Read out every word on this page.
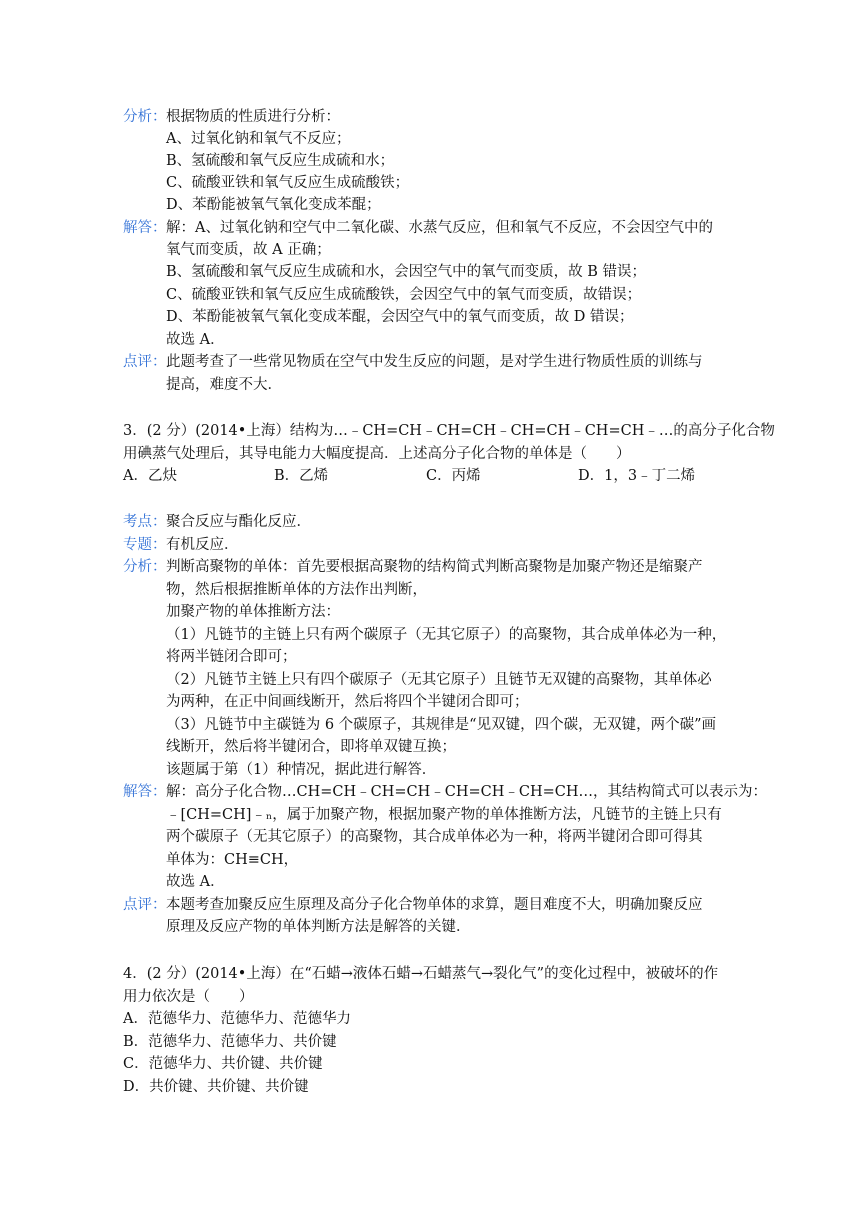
分析： 根据物质的性质进行分析：
A、过氧化钠和氧气不反应；
B、氢硫酸和氧气反应生成硫和水；
C、硫酸亚铁和氧气反应生成硫酸铁；
D、苯酚能被氧气氧化变成苯醌；
解答： 解：A、过氧化钠和空气中二氧化碳、水蒸气反应，但和氧气不反应，不会因空气中的
氧气而变质，故 A 正确；
B、氢硫酸和氧气反应生成硫和水，会因空气中的氧气而变质，故 B 错误；
C、硫酸亚铁和氧气反应生成硫酸铁，会因空气中的氧气而变质，故错误；
D、苯酚能被氧气氧化变成苯醌，会因空气中的氧气而变质，故 D 错误；
故选 A．
点评： 此题考查了一些常见物质在空气中发生反应的问题，是对学生进行物质性质的训练与
提高，难度不大．
3．(2 分）(2014•上海）结构为…﹣CH=CH﹣CH=CH﹣CH=CH﹣CH=CH﹣…的高分子化合物
用碘蒸气处理后，其导电能力大幅度提高．上述高分子化合物的单体是（　　）
A．乙炔	B．乙烯	C．丙烯	D．1，3﹣丁二烯
考点： 聚合反应与酯化反应．
专题： 有机反应．
分析： 判断高聚物的单体：首先要根据高聚物的结构简式判断高聚物是加聚产物还是缩聚产
物，然后根据推断单体的方法作出判断，
加聚产物的单体推断方法：
（1）凡链节的主链上只有两个碳原子（无其它原子）的高聚物，其合成单体必为一种，
将两半链闭合即可；
（2）凡链节主链上只有四个碳原子（无其它原子）且链节无双键的高聚物，其单体必
为两种，在正中间画线断开，然后将四个半键闭合即可；
（3）凡链节中主碳链为 6 个碳原子，其规律是“见双键，四个碳，无双键，两个碳”画
线断开，然后将半键闭合，即将单双键互换；
该题属于第（1）种情况，据此进行解答．
解答： 解：高分子化合物…CH=CH﹣CH=CH﹣CH=CH﹣CH=CH…，其结构简式可以表示为：
﹣[CH=CH]﹣ₙ，属于加聚产物，根据加聚产物的单体推断方法，凡链节的主链上只有
两个碳原子（无其它原子）的高聚物，其合成单体必为一种，将两半键闭合即可得其
单体为：CH≡CH，
故选 A．
点评： 本题考查加聚反应生原理及高分子化合物单体的求算，题目难度不大，明确加聚反应
原理及反应产物的单体判断方法是解答的关键．
4．(2 分）(2014•上海）在“石蜡→液体石蜡→石蜡蒸气→裂化气”的变化过程中，被破坏的作
用力依次是（　　）
A．范德华力、范德华力、范德华力
B．范德华力、范德华力、共价键
C．范德华力、共价键、共价键
D．共价键、共价键、共价键
